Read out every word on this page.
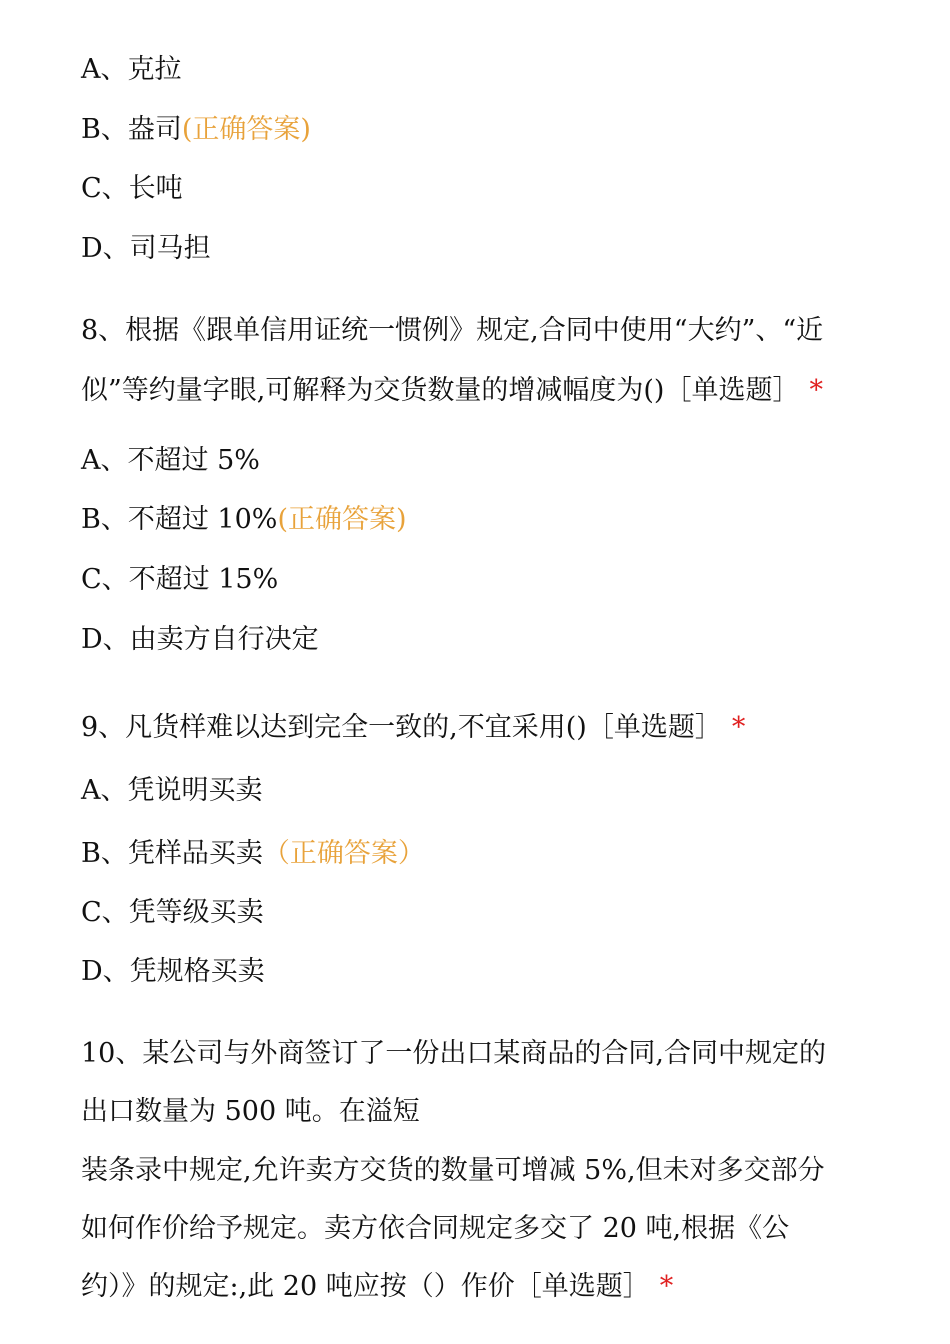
A、克拉
B、盎司(正确答案)
C、长吨
D、司马担
8、根据《跟单信用证统一惯例》规定,合同中使用“大约”、“近
似”等约量字眼,可解释为交货数量的增减幅度为()［单选题］ *
A、不超过 5%
B、不超过 10%(正确答案)
C、不超过 15%
D、由卖方自行决定
9、凡货样难以达到完全一致的,不宜采用()［单选题］ *
A、凭说明买卖
B、凭样品买卖（正确答案）
C、凭等级买卖
D、凭规格买卖
10、某公司与外商签订了一份出口某商品的合同,合同中规定的
出口数量为 500 吨。在溢短
装条录中规定,允许卖方交货的数量可增减 5%,但未对多交部分
如何作价给予规定。卖方依合同规定多交了 20 吨,根据《公
约）》的规定:,此 20 吨应按（）作价［单选题］ *
